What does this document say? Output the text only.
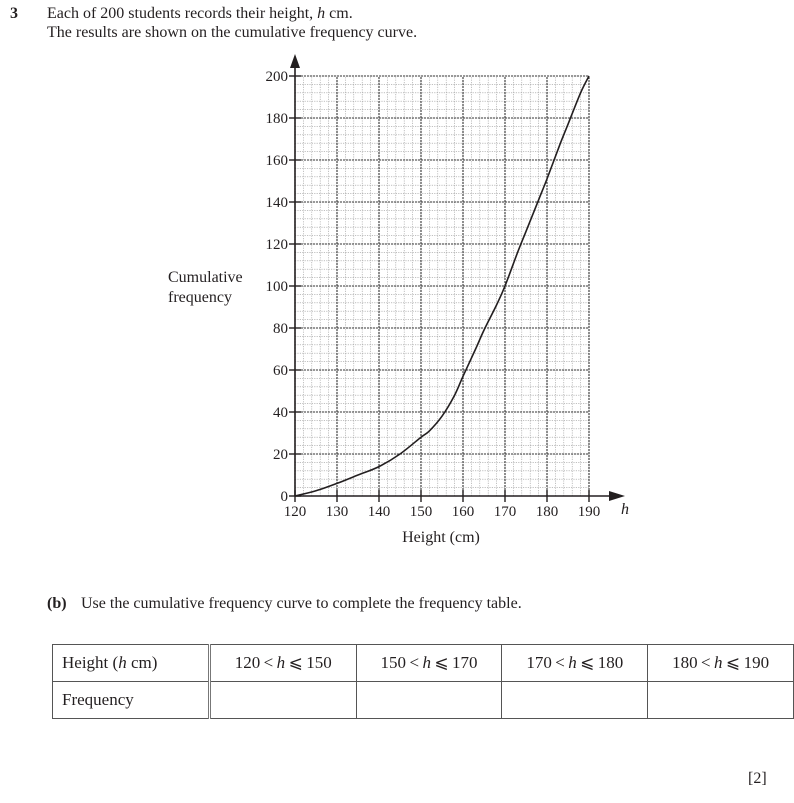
3 Each of 200 students records their height, h cm.
The results are shown on the cumulative frequency curve.
Cumulative
frequency
0
20
40
60
80
100
120
140
160
180
200
120 130 140 150 160 170 180 190
Height (cm)
h
(b) Use the cumulative frequency curve to complete the frequency table.
Height (h cm)	120 < h ⩽ 150	150 < h ⩽ 170	170 < h ⩽ 180	180 < h ⩽ 190
Frequency				
[2]
